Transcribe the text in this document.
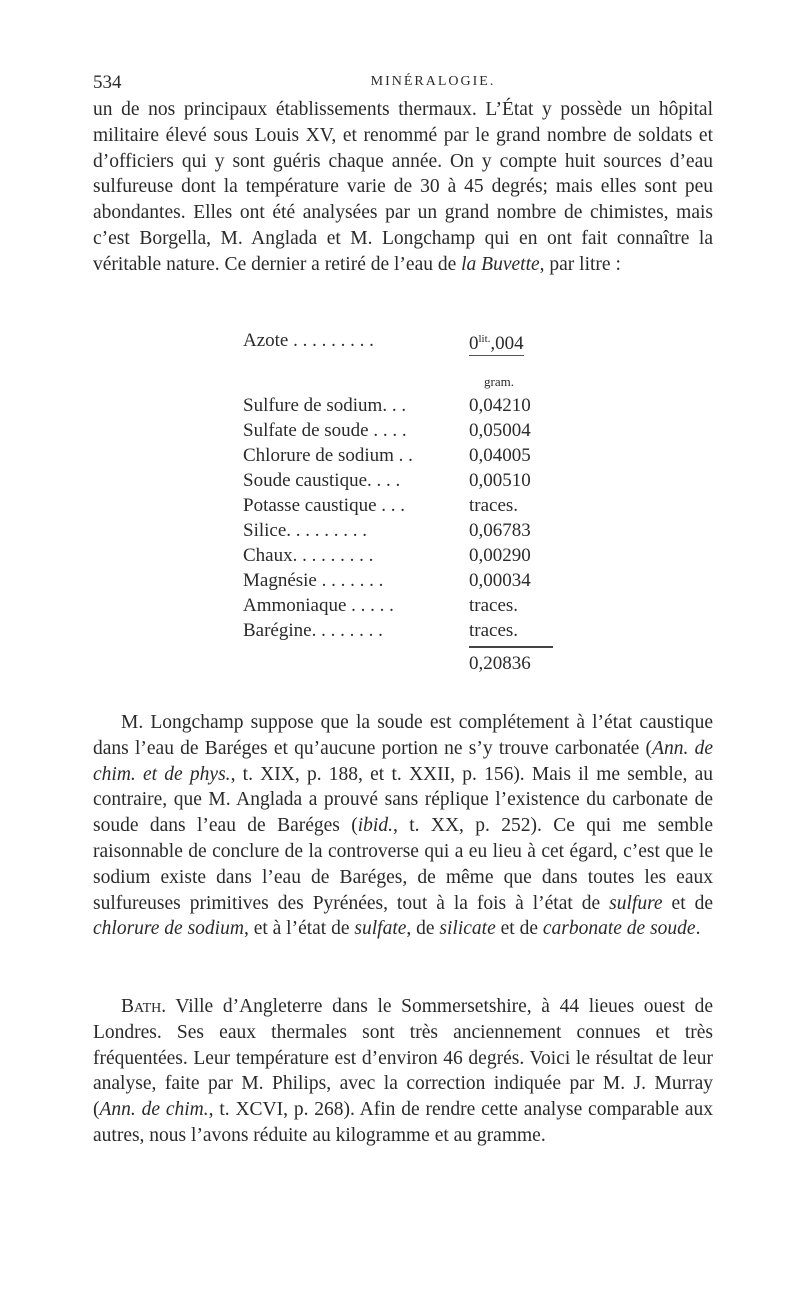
534	MINÉRALOGIE.

un de nos principaux établissements thermaux. L’État y possède un hôpital militaire élevé sous Louis XV, et renommé par le grand nombre de soldats et d’officiers qui y sont guéris chaque année. On y compte huit sources d’eau sulfureuse dont la température varie de 30 à 45 degrés; mais elles sont peu abondantes. Elles ont été analysées par un grand nombre de chimistes, mais c’est Borgella, M. Anglada et M. Longchamp qui en ont fait connaître la véritable nature. Ce dernier a retiré de l’eau de la Buvette, par litre :

Azote . . . . . . . . .	$0^{lit.},004$
gram.
Sulfure de sodium. . .	0,04210
Sulfate de soude . . . .	0,05004
Chlorure de sodium . .	0,04005
Soude caustique. . . .	0,00510
Potasse caustique . . .	traces.
Silice. . . . . . . . .	0,06783
Chaux. . . . . . . . .	0,00290
Magnésie . . . . . . .	0,00034
Ammoniaque . . . . .	traces.
Barégine. . . . . . . .	traces.
0,20836

M. Longchamp suppose que la soude est complétement à l’état caustique dans l’eau de Baréges et qu’aucune portion ne s’y trouve carbonatée (Ann. de chim. et de phys., t. XIX, p. 188, et t. XXII, p. 156). Mais il me semble, au contraire, que M. Anglada a prouvé sans réplique l’existence du carbonate de soude dans l’eau de Baréges (ibid., t. XX, p. 252). Ce qui me semble raisonnable de conclure de la controverse qui a eu lieu à cet égard, c’est que le sodium existe dans l’eau de Baréges, de même que dans toutes les eaux sulfureuses primitives des Pyrénées, tout à la fois à l’état de sulfure et de chlorure de sodium, et à l’état de sulfate, de silicate et de carbonate de soude.

Bath. Ville d’Angleterre dans le Sommersetshire, à 44 lieues ouest de Londres. Ses eaux thermales sont très anciennement connues et très fréquentées. Leur température est d’environ 46 degrés. Voici le résultat de leur analyse, faite par M. Philips, avec la correction indiquée par M. J. Murray (Ann. de chim., t. XCVI, p. 268). Afin de rendre cette analyse comparable aux autres, nous l’avons réduite au kilogramme et au gramme.
